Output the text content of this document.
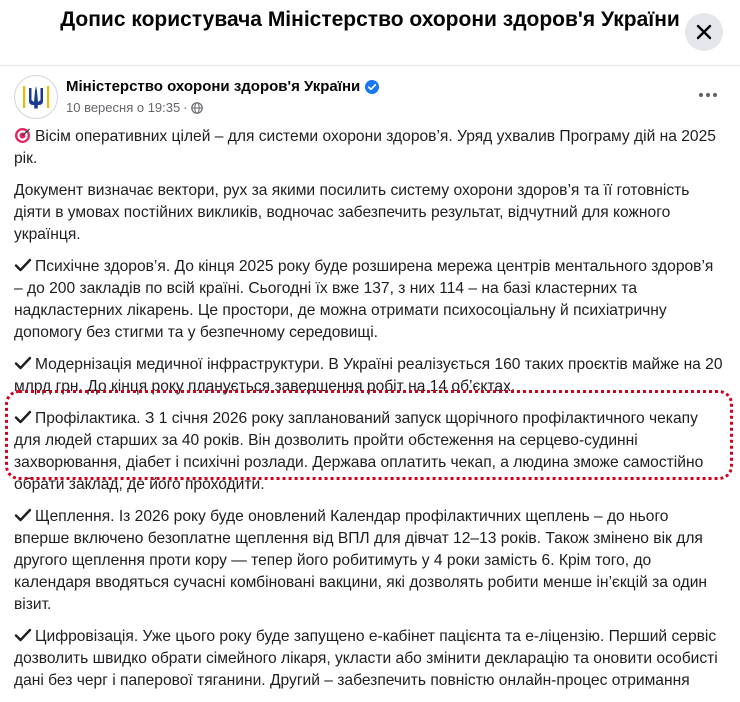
Допис користувача Міністерство охорони здоров'я України
Міністерство охорони здоров'я України
10 вересня о 19:35 ·

Вісім оперативних цілей – для системи охорони здоров’я. Уряд ухвалив Програму дій на 2025 рік.

Документ визначає вектори, рух за якими посилить систему охорони здоров’я та її готовність діяти в умовах постійних викликів, водночас забезпечить результат, відчутний для кожного українця.

Психічне здоров’я. До кінця 2025 року буде розширена мережа центрів ментального здоров’я – до 200 закладів по всій країні. Сьогодні їх вже 137, з них 114 – на базі кластерних та надкластерних лікарень. Це простори, де можна отримати психосоціальну й психіатричну допомогу без стигми та у безпечному середовищі.

Модернізація медичної інфраструктури. В Україні реалізується 160 таких проєктів майже на 20 млрд грн. До кінця року планується завершення робіт на 14 об’єктах.

Профілактика. З 1 січня 2026 року запланований запуск щорічного профілактичного чекапу для людей старших за 40 років. Він дозволить пройти обстеження на серцево-судинні захворювання, діабет і психічні розлади. Держава оплатить чекап, а людина зможе самостійно обрати заклад, де його проходити.

Щеплення. Із 2026 року буде оновлений Календар профілактичних щеплень – до нього вперше включено безоплатне щеплення від ВПЛ для дівчат 12–13 років. Також змінено вік для другого щеплення проти кору — тепер його робитимуть у 4 роки замість 6. Крім того, до календаря вводяться сучасні комбіновані вакцини, які дозволять робити менше ін’єкцій за один візит.

Цифровізація. Уже цього року буде запущено е-кабінет пацієнта та е-ліцензію. Перший сервіс дозволить швидко обрати сімейного лікаря, укласти або змінити декларацію та оновити особисті дані без черг і паперової тяганини. Другий – забезпечить повністю онлайн-процес отримання
